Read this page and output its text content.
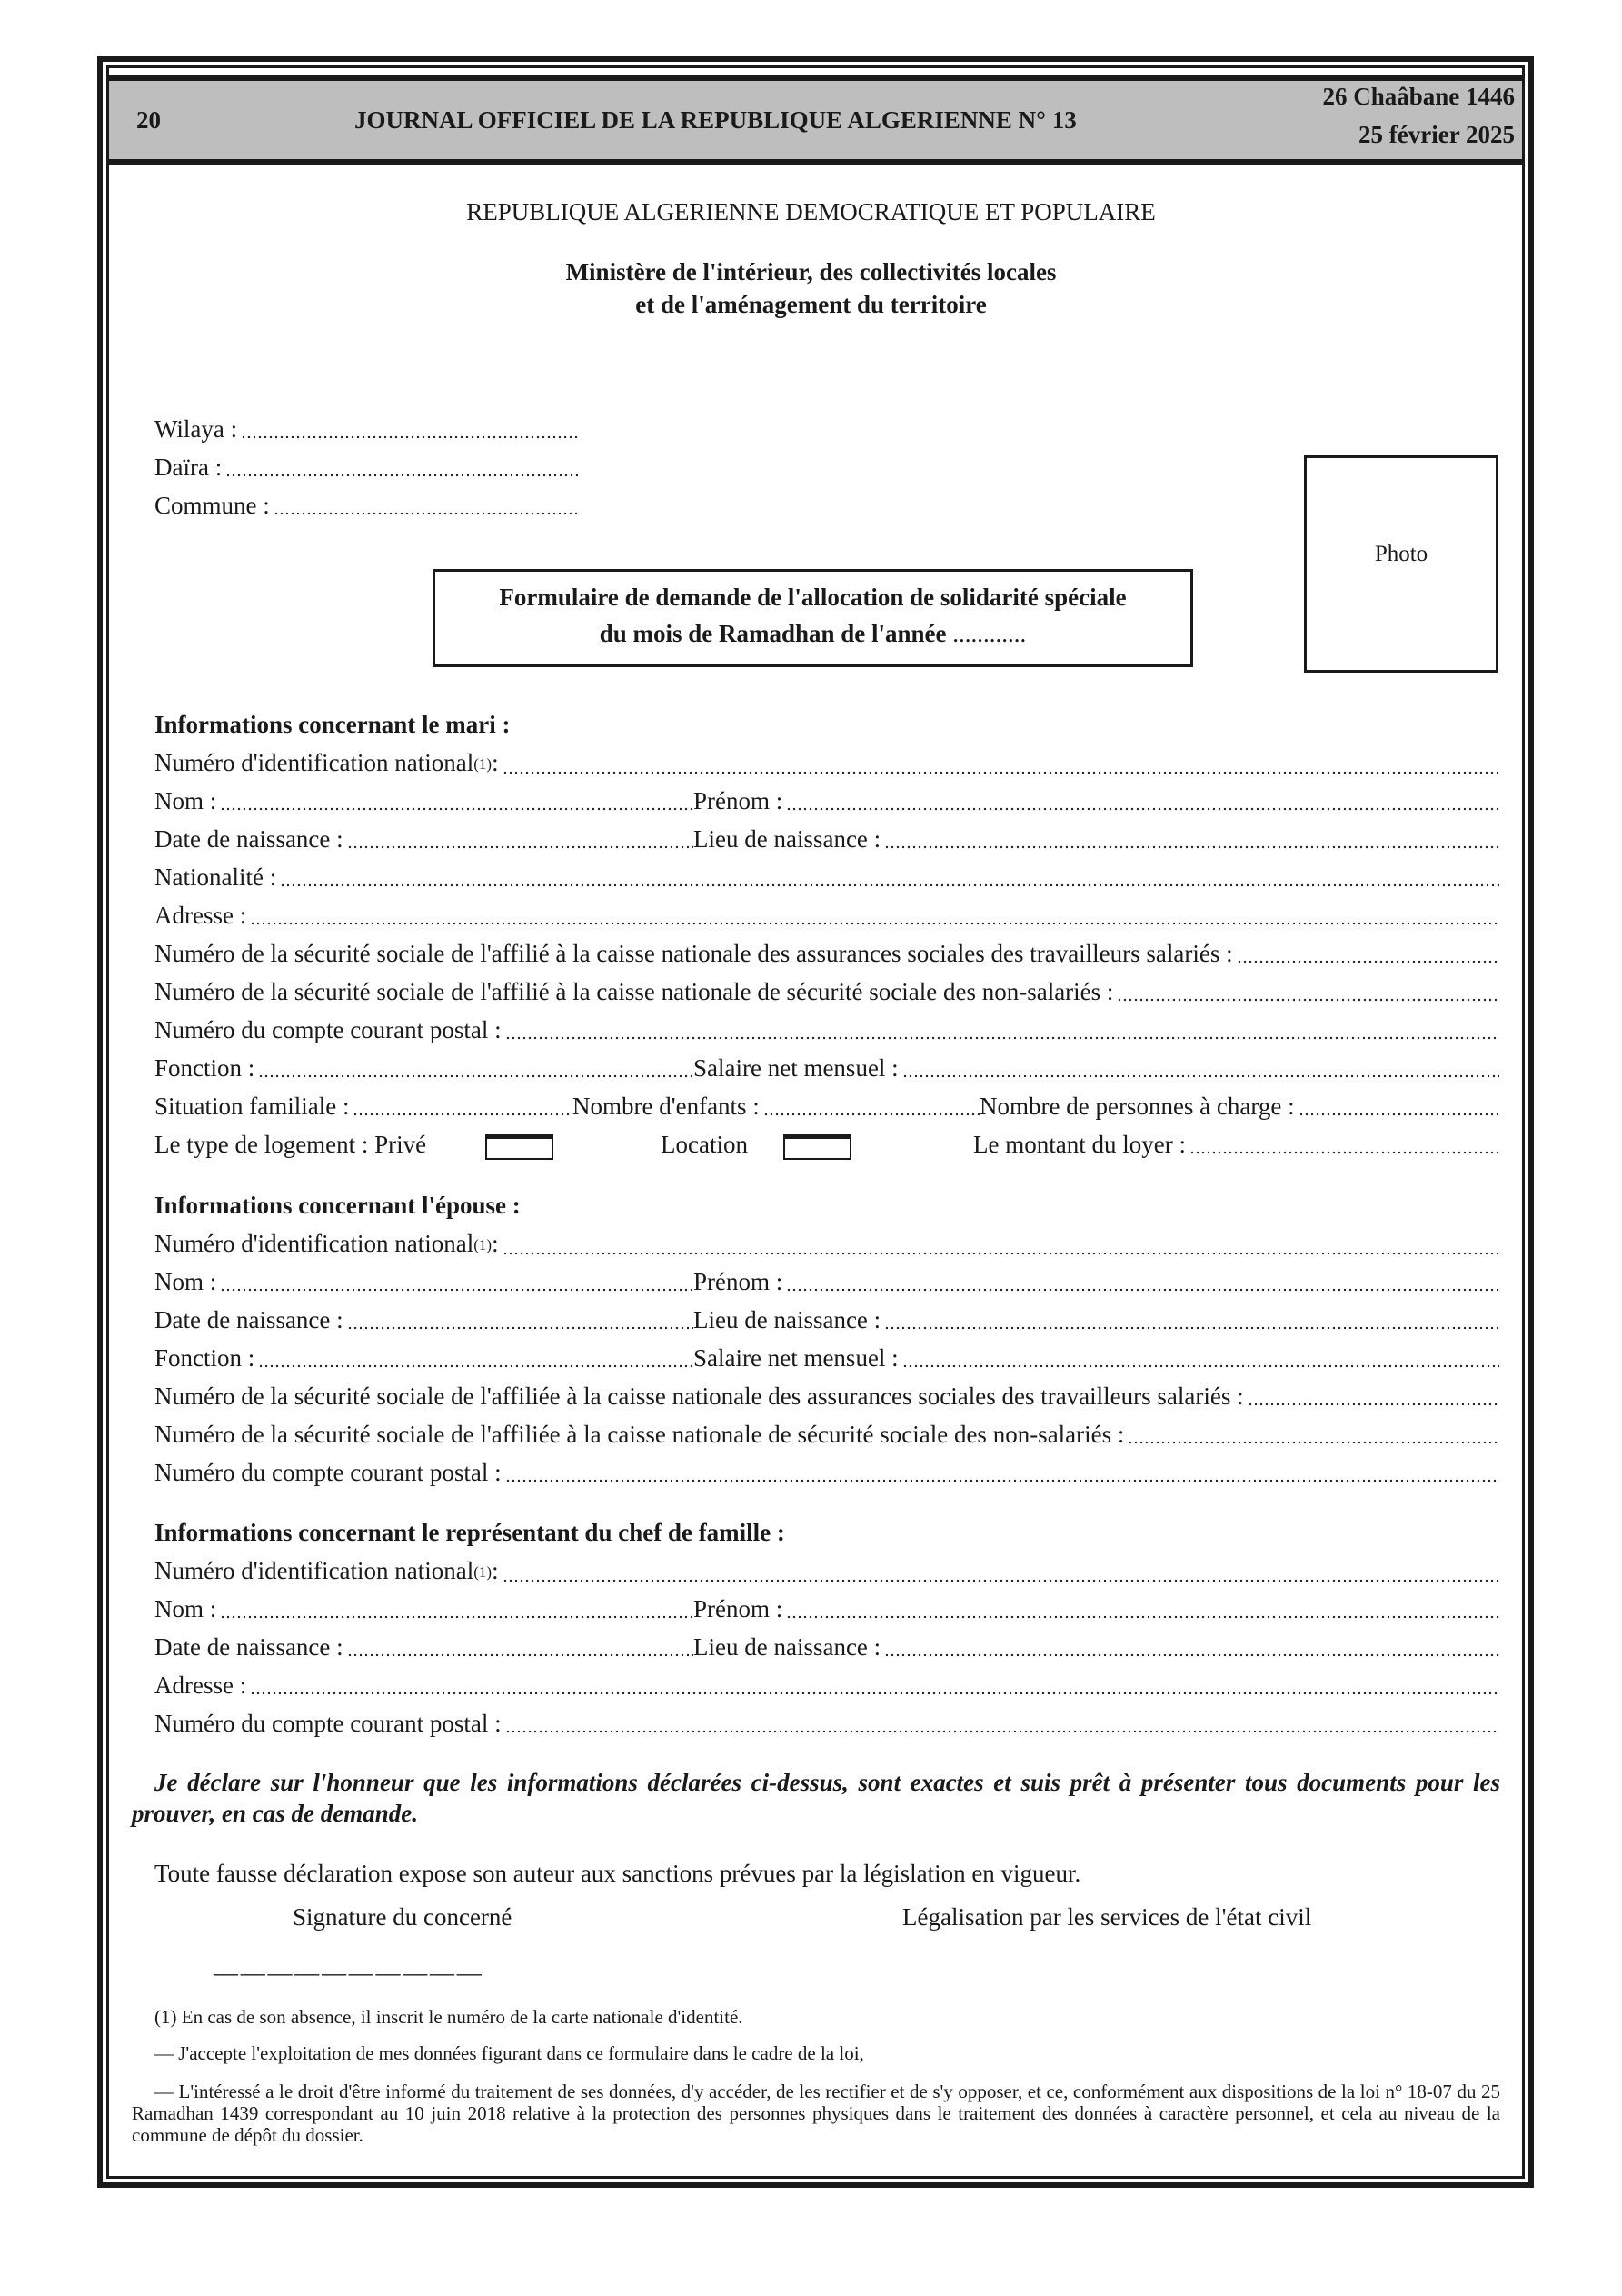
20	JOURNAL OFFICIEL DE LA REPUBLIQUE ALGERIENNE N° 13
26 Chaâbane 1446
25 février 2025
REPUBLIQUE ALGERIENNE DEMOCRATIQUE ET POPULAIRE
Ministère de l'intérieur, des collectivités locales
et de l'aménagement du territoire
Wilaya :
Daïra :
Commune :
Photo
Formulaire de demande de l'allocation de solidarité spéciale
du mois de Ramadhan de l'année ............
Informations concernant le mari :
Numéro d'identification national$^{(1)}$ :
Nom :	Prénom :
Date de naissance :	Lieu de naissance :
Nationalité :
Adresse :
Numéro de la sécurité sociale de l'affilié à la caisse nationale des assurances sociales des travailleurs salariés :
Numéro de la sécurité sociale de l'affilié à la caisse nationale de sécurité sociale des non-salariés :
Numéro du compte courant postal :
Fonction :	Salaire net mensuel :
Situation familiale :	Nombre d'enfants :	Nombre de personnes à charge :
Le type de logement : Privé	Location	Le montant du loyer :
Informations concernant l'épouse :
Numéro d'identification national$^{(1)}$ :
Nom :	Prénom :
Date de naissance :	Lieu de naissance :
Fonction :	Salaire net mensuel :
Numéro de la sécurité sociale de l'affiliée à la caisse nationale des assurances sociales des travailleurs salariés :
Numéro de la sécurité sociale de l'affiliée à la caisse nationale de sécurité sociale des non-salariés :
Numéro du compte courant postal :
Informations concernant le représentant du chef de famille :
Numéro d'identification national$^{(1)}$ :
Nom :	Prénom :
Date de naissance :	Lieu de naissance :
Adresse :
Numéro du compte courant postal :
Je déclare sur l'honneur que les informations déclarées ci-dessus, sont exactes et suis prêt à présenter tous documents pour les prouver, en cas de demande.
Toute fausse déclaration expose son auteur aux sanctions prévues par la législation en vigueur.
Signature du concerné	Légalisation par les services de l'état civil
— — — — — — — — — —
(1) En cas de son absence, il inscrit le numéro de la carte nationale d'identité.
— J'accepte l'exploitation de mes données figurant dans ce formulaire dans le cadre de la loi,
— L'intéressé a le droit d'être informé du traitement de ses données, d'y accéder, de les rectifier et de s'y opposer, et ce, conformément aux dispositions de la loi n° 18-07 du 25 Ramadhan 1439 correspondant au 10 juin 2018 relative à la protection des personnes physiques dans le traitement des données à caractère personnel, et cela au niveau de la commune de dépôt du dossier.
